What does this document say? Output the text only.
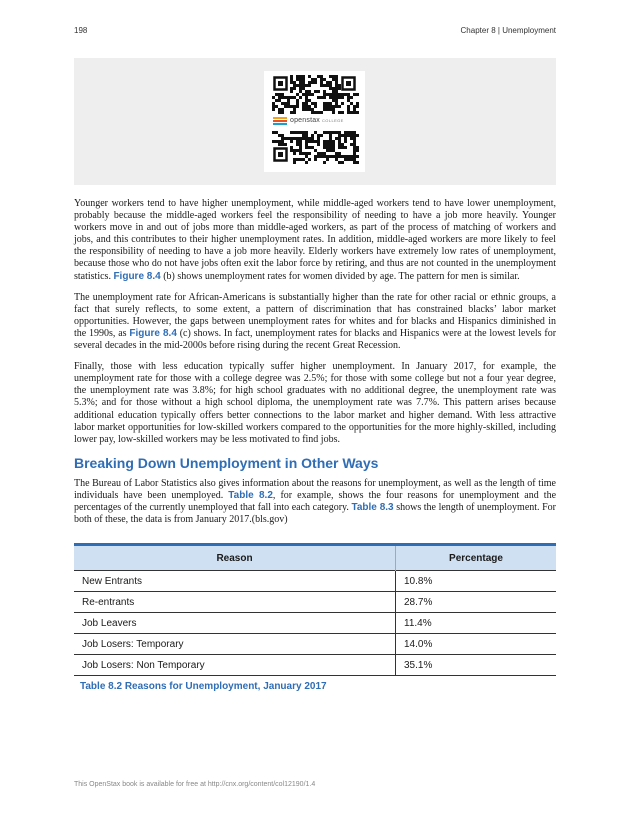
198	Chapter 8 | Unemployment
openstax COLLEGE

Younger workers tend to have higher unemployment, while middle-aged workers tend to have lower unemployment, probably because the middle-aged workers feel the responsibility of needing to have a job more heavily. Younger workers move in and out of jobs more than middle-aged workers, as part of the process of matching of workers and jobs, and this contributes to their higher unemployment rates. In addition, middle-aged workers are more likely to feel the responsibility of needing to have a job more heavily. Elderly workers have extremely low rates of unemployment, because those who do not have jobs often exit the labor force by retiring, and thus are not counted in the unemployment statistics. Figure 8.4 (b) shows unemployment rates for women divided by age. The pattern for men is similar.

The unemployment rate for African-Americans is substantially higher than the rate for other racial or ethnic groups, a fact that surely reflects, to some extent, a pattern of discrimination that has constrained blacks’ labor market opportunities. However, the gaps between unemployment rates for whites and for blacks and Hispanics diminished in the 1990s, as Figure 8.4 (c) shows. In fact, unemployment rates for blacks and Hispanics were at the lowest levels for several decades in the mid-2000s before rising during the recent Great Recession.

Finally, those with less education typically suffer higher unemployment. In January 2017, for example, the unemployment rate for those with a college degree was 2.5%; for those with some college but not a four year degree, the unemployment rate was 3.8%; for high school graduates with no additional degree, the unemployment rate was 5.3%; and for those without a high school diploma, the unemployment rate was 7.7%. This pattern arises because additional education typically offers better connections to the labor market and higher demand. With less attractive labor market opportunities for low-skilled workers compared to the opportunities for the more highly-skilled, including lower pay, low-skilled workers may be less motivated to find jobs.

Breaking Down Unemployment in Other Ways

The Bureau of Labor Statistics also gives information about the reasons for unemployment, as well as the length of time individuals have been unemployed. Table 8.2, for example, shows the four reasons for unemployment and the percentages of the currently unemployed that fall into each category. Table 8.3 shows the length of unemployment. For both of these, the data is from January 2017.(bls.gov)

Reason	Percentage
New Entrants	10.8%
Re-entrants	28.7%
Job Leavers	11.4%
Job Losers: Temporary	14.0%
Job Losers: Non Temporary	35.1%
Table 8.2 Reasons for Unemployment, January 2017
This OpenStax book is available for free at http://cnx.org/content/col12190/1.4
